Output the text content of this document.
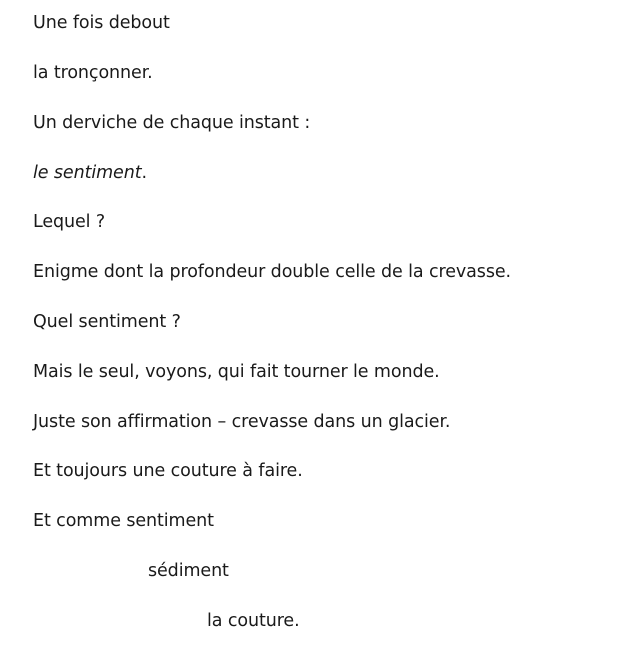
Une fois debout
la tronçonner.
Un derviche de chaque instant :
le sentiment.
Lequel ?
Enigme dont la profondeur double celle de la crevasse.
Quel sentiment ?
Mais le seul, voyons, qui fait tourner le monde.
Juste son affirmation – crevasse dans un glacier.
Et toujours une couture à faire.
Et comme sentiment
sédiment
la couture.
